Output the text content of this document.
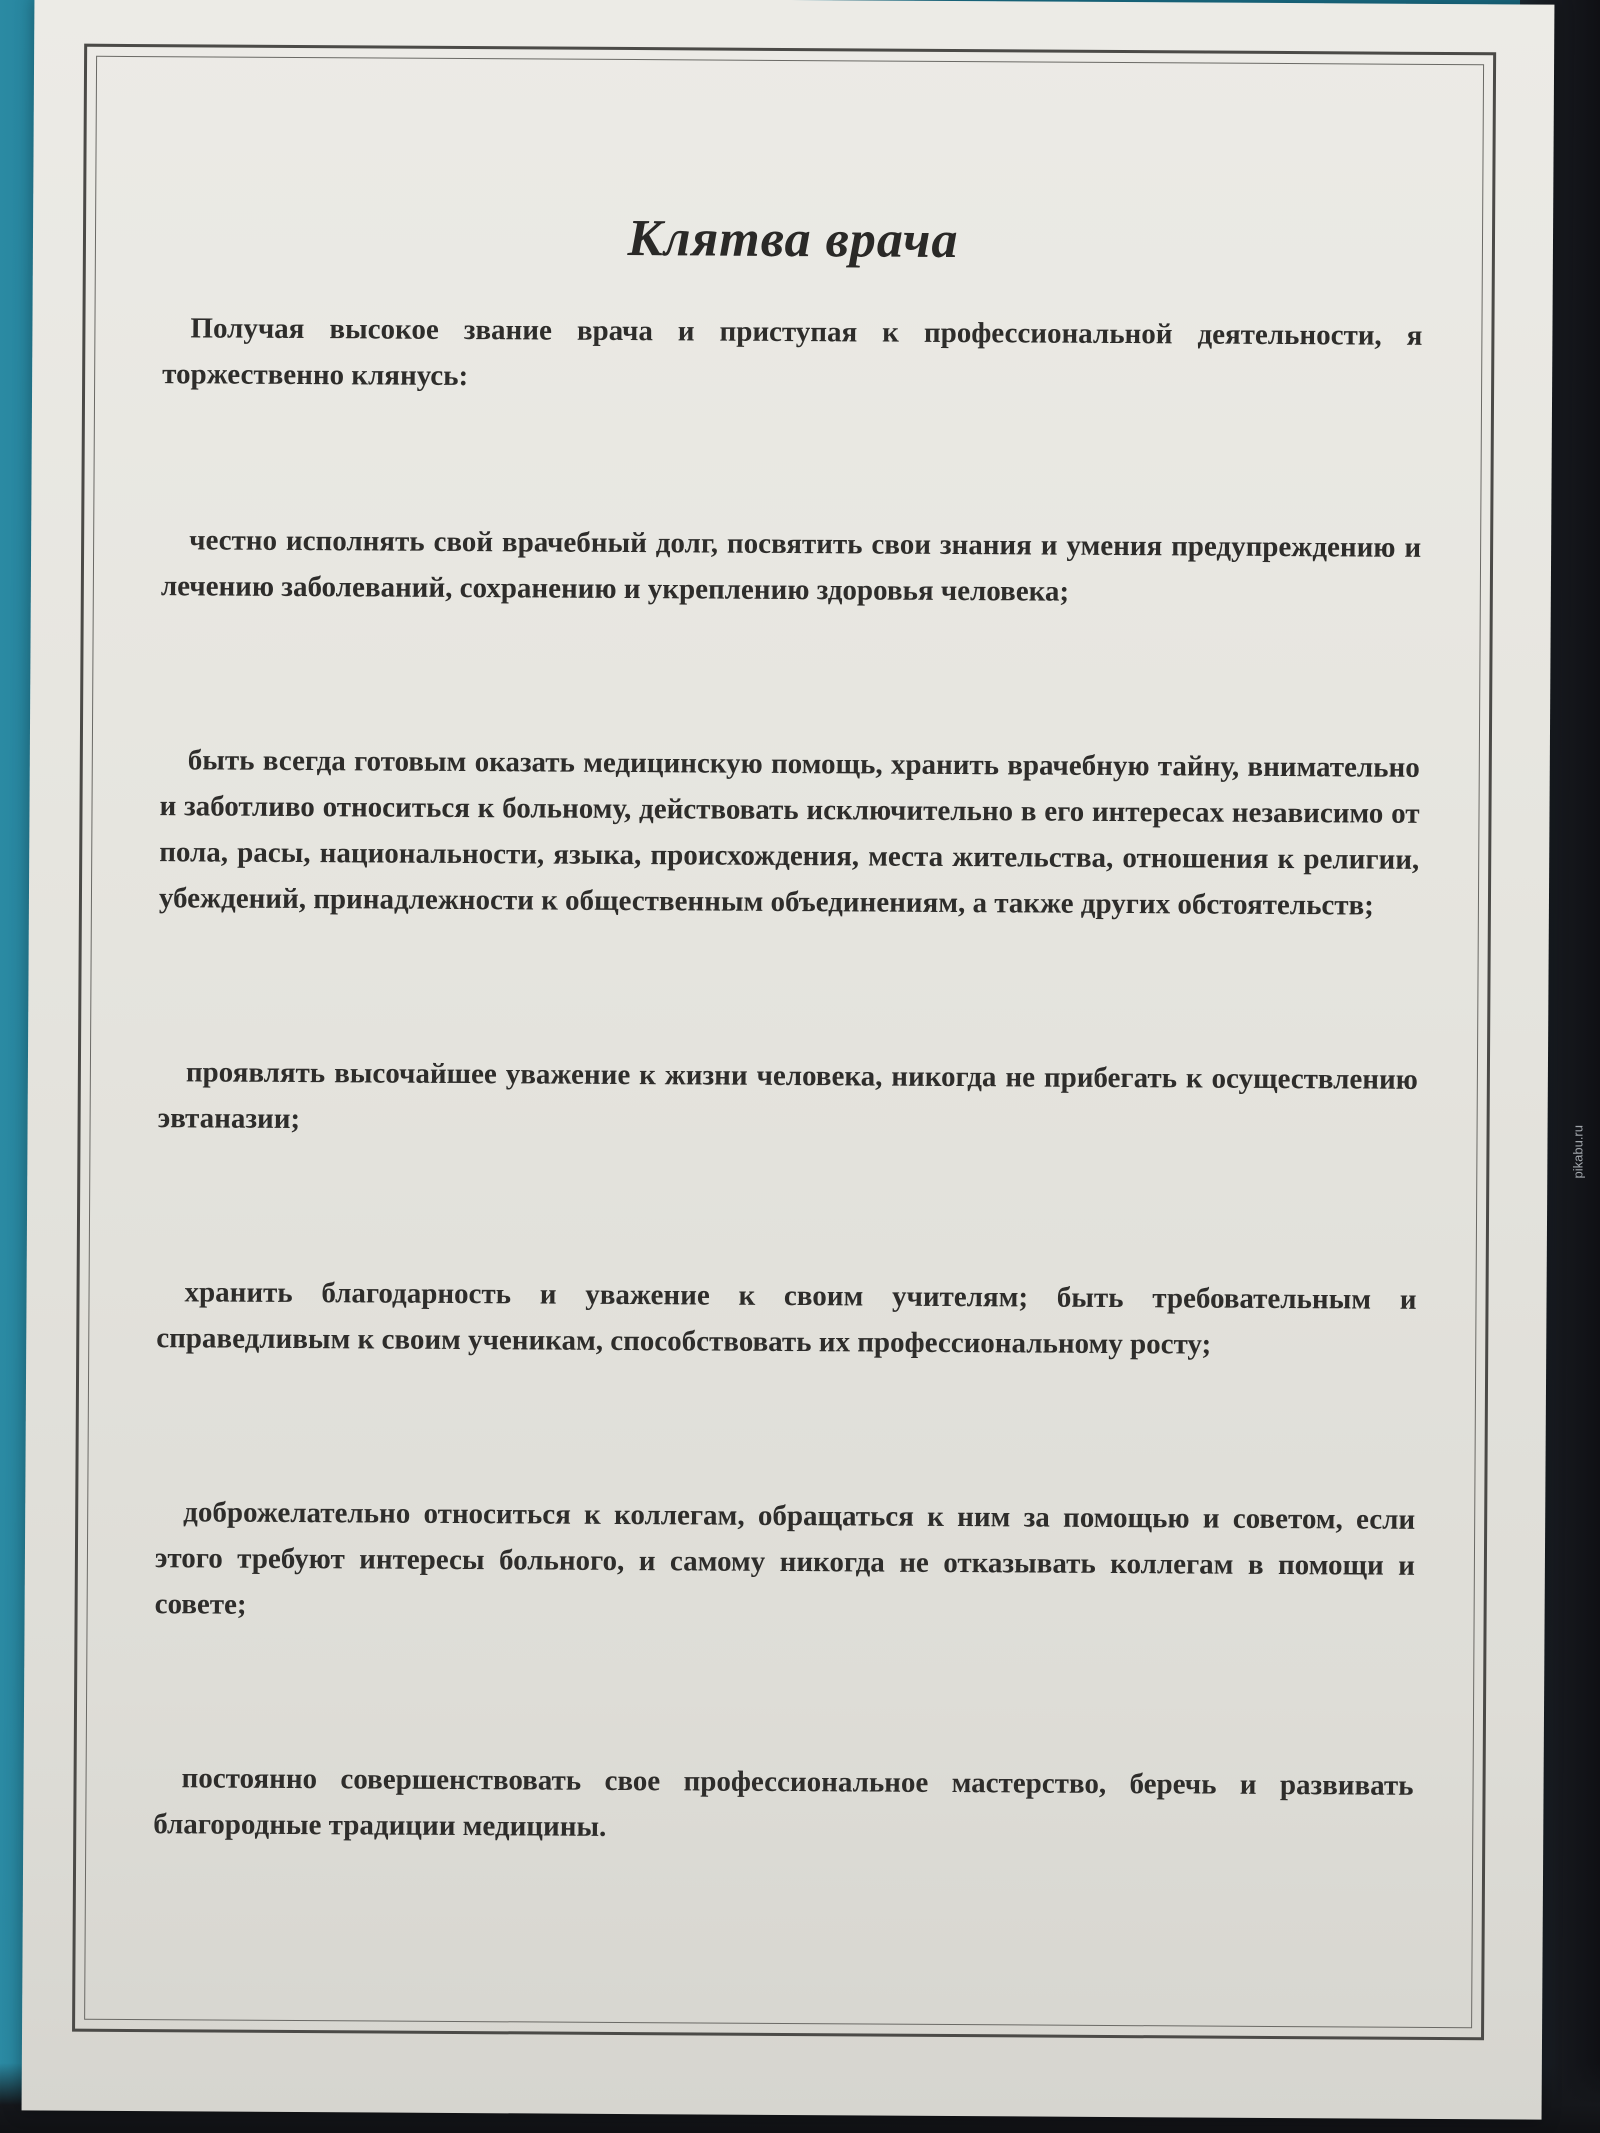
Клятва врача

Получая высокое звание врача и приступая к профессиональной деятельности, я торжественно клянусь:

честно исполнять свой врачебный долг, посвятить свои знания и умения предупреждению и лечению заболеваний, сохранению и укреплению здоровья человека;

быть всегда готовым оказать медицинскую помощь, хранить врачебную тайну, внимательно и заботливо относиться к больному, действовать исключительно в его интересах независимо от пола, расы, национальности, языка, происхождения, места жительства, отношения к религии, убеждений, принадлежности к общественным объединениям, а также других обстоятельств;

проявлять высочайшее уважение к жизни человека, никогда не прибегать к осуществлению эвтаназии;

хранить благодарность и уважение к своим учителям; быть требовательным и справедливым к своим ученикам, способствовать их профессиональному росту;

доброжелательно относиться к коллегам, обращаться к ним за помощью и советом, если этого требуют интересы больного, и самому никогда не отказывать коллегам в помощи и совете;

постоянно совершенствовать свое профессиональное мастерство, беречь и развивать благородные традиции медицины.

pikabu.ru
